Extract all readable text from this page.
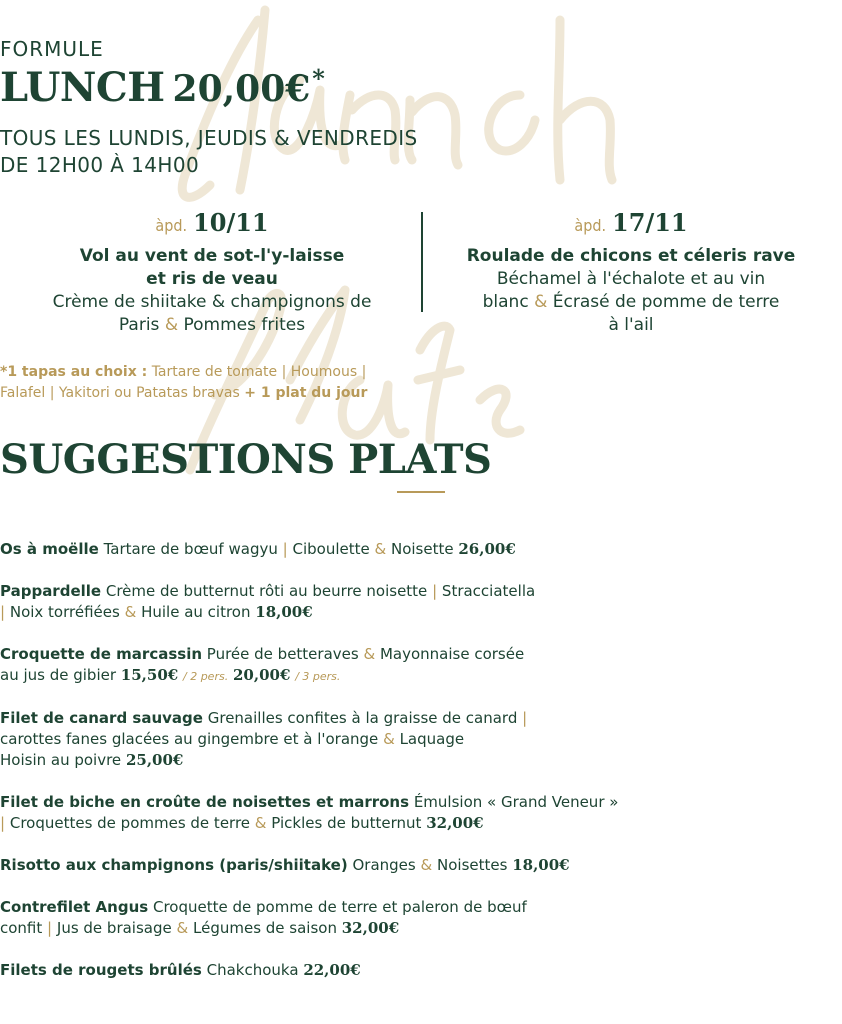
FORMULE
LUNCH 20,00€*
TOUS LES LUNDIS, JEUDIS & VENDREDIS
DE 12H00 À 14H00
àpd. 10/11
Vol au vent de sot-l'y-laisse
et ris de veau
Crème de shiitake & champignons de
Paris & Pommes frites
àpd. 17/11
Roulade de chicons et céleris rave
Béchamel à l'échalote et au vin
blanc & Écrasé de pomme de terre
à l'ail
*1 tapas au choix : Tartare de tomate | Houmous |
Falafel | Yakitori ou Patatas bravas + 1 plat du jour
SUGGESTIONS PLATS
Os à moëlle Tartare de bœuf wagyu | Ciboulette & Noisette 26,00€
Pappardelle Crème de butternut rôti au beurre noisette | Stracciatella
| Noix torréfiées & Huile au citron 18,00€
Croquette de marcassin Purée de betteraves & Mayonnaise corsée
au jus de gibier 15,50€ / 2 pers. 20,00€ / 3 pers.
Filet de canard sauvage Grenailles confites à la graisse de canard |
carottes fanes glacées au gingembre et à l'orange & Laquage
Hoisin au poivre 25,00€
Filet de biche en croûte de noisettes et marrons Émulsion « Grand Veneur »
| Croquettes de pommes de terre & Pickles de butternut 32,00€
Risotto aux champignons (paris/shiitake) Oranges & Noisettes 18,00€
Contrefilet Angus Croquette de pomme de terre et paleron de bœuf
confit | Jus de braisage & Légumes de saison 32,00€
Filets de rougets brûlés Chakchouka 22,00€
